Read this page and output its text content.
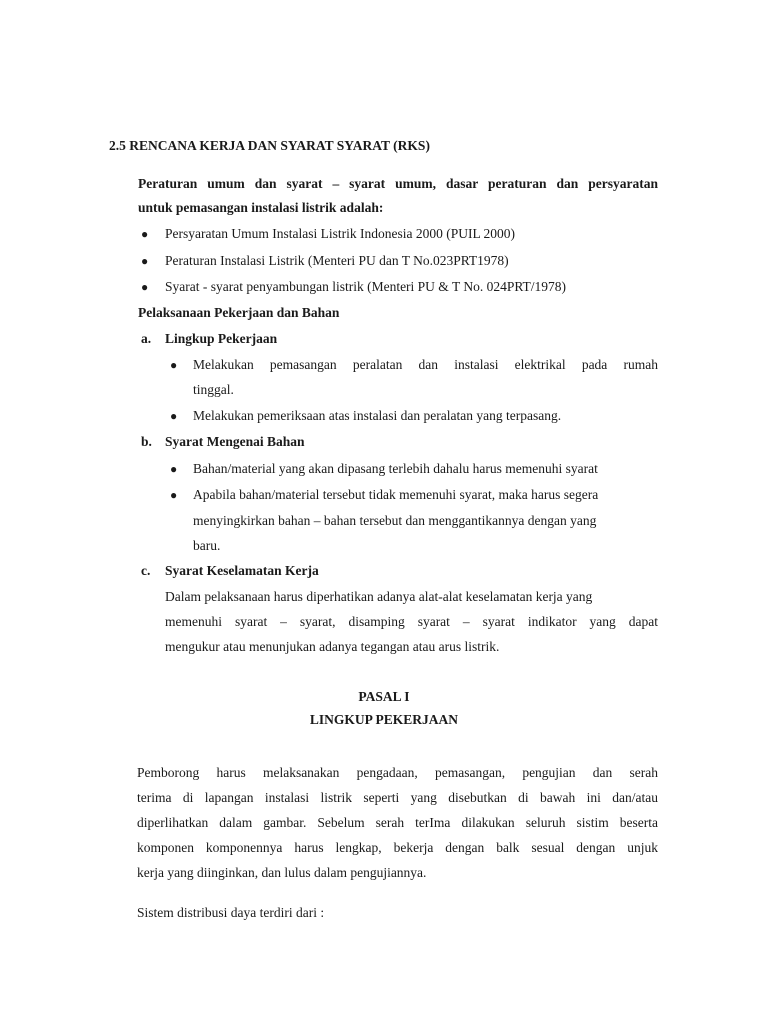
2.5 RENCANA KERJA DAN SYARAT SYARAT (RKS)
Peraturan umum dan syarat – syarat umum, dasar peraturan dan persyaratan
untuk pemasangan instalasi listrik adalah:
● Persyaratan Umum Instalasi Listrik Indonesia 2000 (PUIL 2000)
● Peraturan Instalasi Listrik (Menteri PU dan T No.023PRT1978)
● Syarat - syarat penyambungan listrik (Menteri PU & T No. 024PRT/1978)
Pelaksanaan Pekerjaan dan Bahan
a. Lingkup Pekerjaan
● Melakukan pemasangan peralatan dan instalasi elektrikal pada rumah
tinggal.
● Melakukan pemeriksaan atas instalasi dan peralatan yang terpasang.
b. Syarat Mengenai Bahan
● Bahan/material yang akan dipasang terlebih dahalu harus memenuhi syarat
● Apabila bahan/material tersebut tidak memenuhi syarat, maka harus segera
menyingkirkan bahan – bahan tersebut dan menggantikannya dengan yang
baru.
c. Syarat Keselamatan Kerja
Dalam pelaksanaan harus diperhatikan adanya alat-alat keselamatan kerja yang
memenuhi syarat – syarat, disamping syarat – syarat indikator yang dapat
mengukur atau menunjukan adanya tegangan atau arus listrik.
PASAL I
LINGKUP PEKERJAAN
Pemborong harus melaksanakan pengadaan, pemasangan, pengujian dan serah
terima di lapangan instalasi listrik seperti yang disebutkan di bawah ini dan/atau
diperlihatkan dalam gambar. Sebelum serah terIma dilakukan seluruh sistim beserta
komponen komponennya harus lengkap, bekerja dengan balk sesual dengan unjuk
kerja yang diinginkan, dan lulus dalam pengujiannya.
Sistem distribusi daya terdiri dari :
